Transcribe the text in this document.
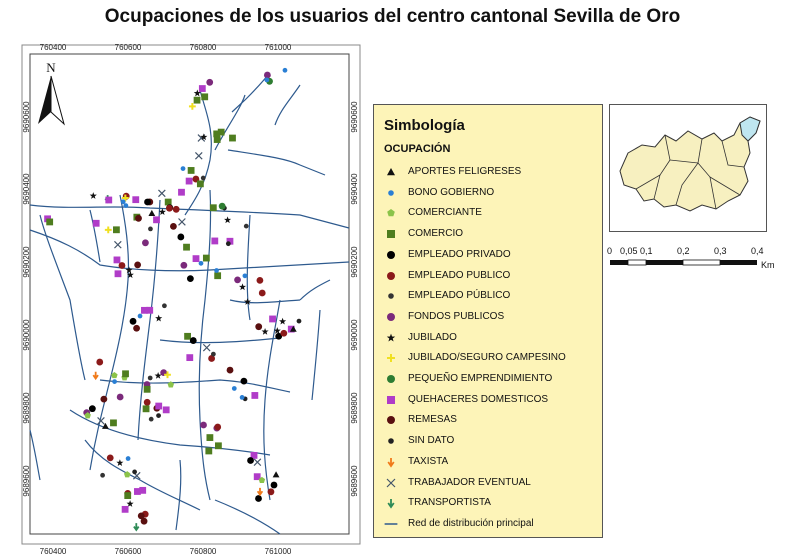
Ocupaciones de los usuarios del centro cantonal Sevilla de Oro
760400	760600	760800	761000
760400	760600	760800	761000
9690600
9690400
9690200
9690000
9689800
9689600
9690600
9690400
9690200
9690000
9689800
9689600
N
Simbología
OCUPACIÓN
APORTES FELIGRESES
BONO GOBIERNO
COMERCIANTE
COMERCIO
EMPLEADO PRIVADO
EMPLEADO PUBLICO
EMPLEADO PÚBLICO
FONDOS PUBLICOS
JUBILADO
JUBILADO/SEGURO CAMPESINO
PEQUEÑO EMPRENDIMIENTO
QUEHACERES DOMESTICOS
REMESAS
SIN DATO
TAXISTA
TRABAJADOR EVENTUAL
TRANSPORTISTA
Red de distribución principal
0 0,05 0,1	0,2	0,3	0,4
Km
